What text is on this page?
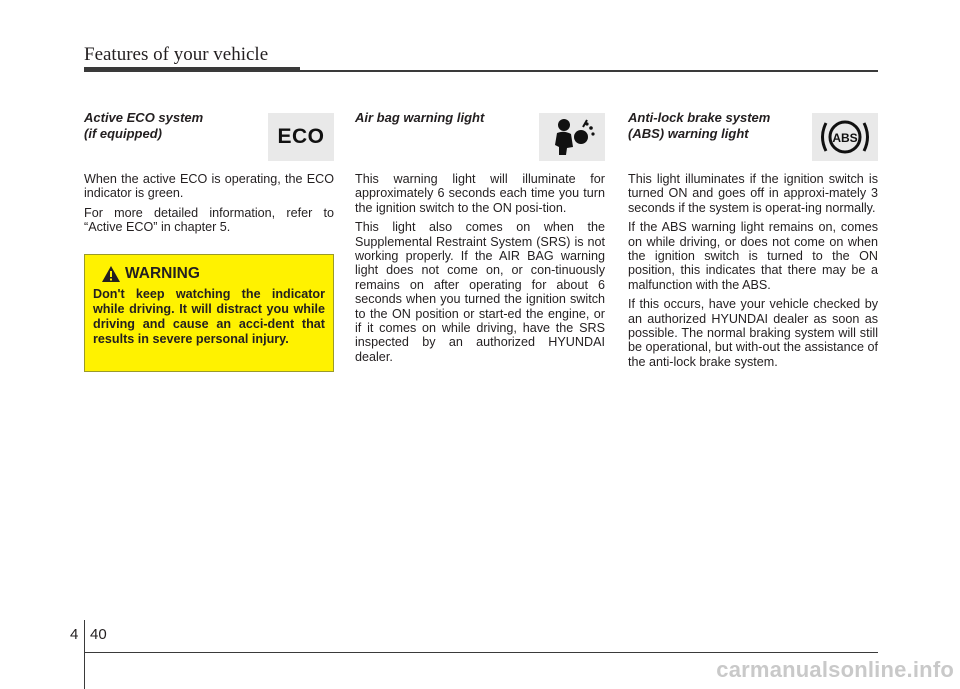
Features of your vehicle
Active ECO system
(if equipped)	ECO

When the active ECO is operating, the ECO indicator is green.

For more detailed information, refer to “Active ECO” in chapter 5.

WARNING
Don't keep watching the indicator while driving. It will distract you while driving and cause an acci-dent that results in severe personal injury.
Air bag warning light

This warning light will illuminate for approximately 6 seconds each time you turn the ignition switch to the ON posi-tion.

This light also comes on when the Supplemental Restraint System (SRS) is not working properly. If the AIR BAG warning light does not come on, or con-tinuously remains on after operating for about 6 seconds when you turned the ignition switch to the ON position or start-ed the engine, or if it comes on while driving, have the SRS inspected by an authorized HYUNDAI dealer.

Anti-lock brake system
(ABS) warning light	ABS

This light illuminates if the ignition switch is turned ON and goes off in approxi-mately 3 seconds if the system is operat-ing normally.

If the ABS warning light remains on, comes on while driving, or does not come on when the ignition switch is turned to the ON position, this indicates that there may be a malfunction with the ABS.

If this occurs, have your vehicle checked by an authorized HYUNDAI dealer as soon as possible. The normal braking system will still be operational, but with-out the assistance of the anti-lock brake system.

4 40
carmanualsonline.info
